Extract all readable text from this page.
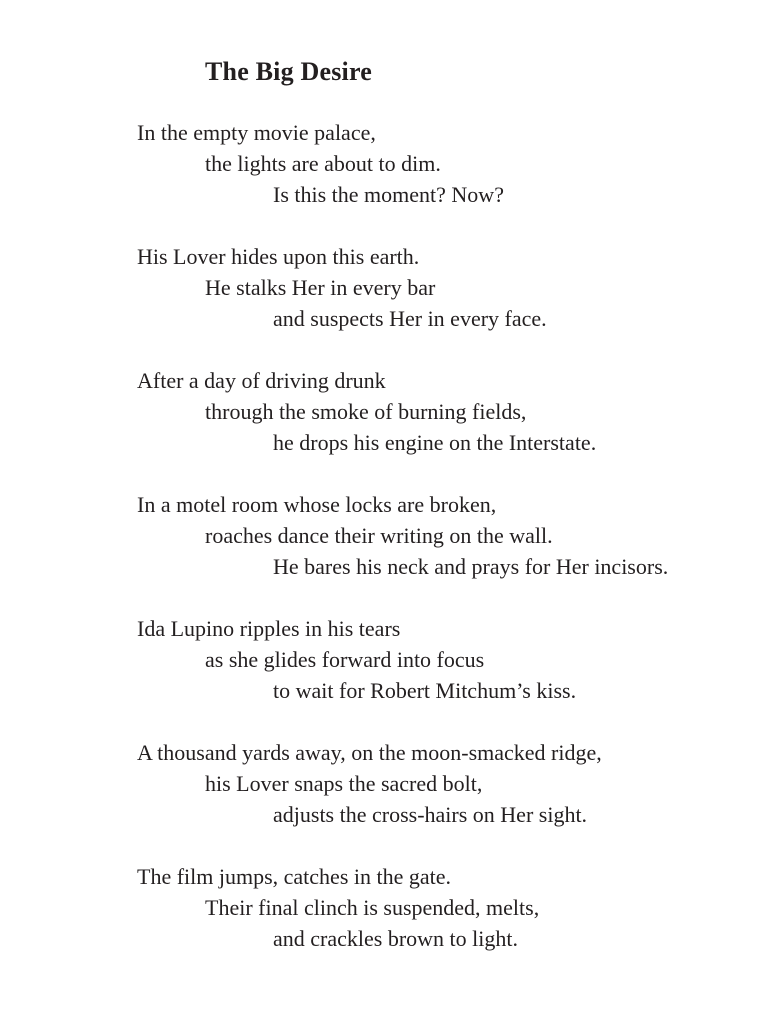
The Big Desire
In the empty movie palace,
the lights are about to dim.
Is this the moment? Now?
His Lover hides upon this earth.
He stalks Her in every bar
and suspects Her in every face.
After a day of driving drunk
through the smoke of burning fields,
he drops his engine on the Interstate.
In a motel room whose locks are broken,
roaches dance their writing on the wall.
He bares his neck and prays for Her incisors.
Ida Lupino ripples in his tears
as she glides forward into focus
to wait for Robert Mitchum’s kiss.
A thousand yards away, on the moon-smacked ridge,
his Lover snaps the sacred bolt,
adjusts the cross-hairs on Her sight.
The film jumps, catches in the gate.
Their final clinch is suspended, melts,
and crackles brown to light.
